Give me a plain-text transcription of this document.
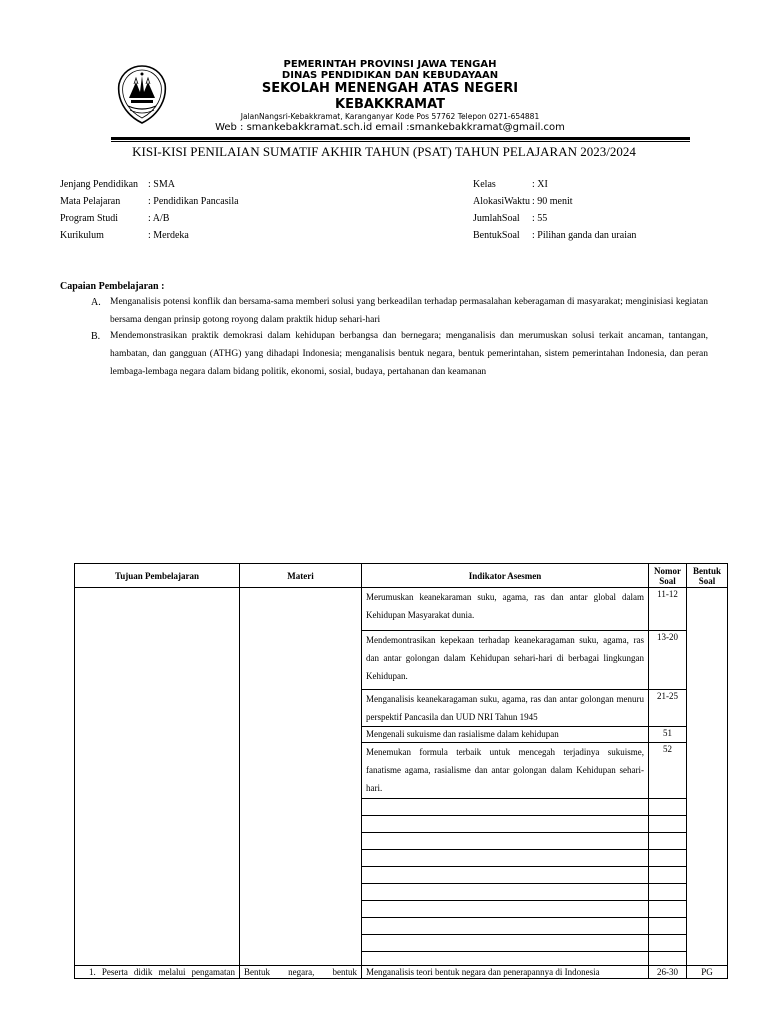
PEMERINTAH PROVINSI JAWA TENGAH
DINAS PENDIDIKAN DAN KEBUDAYAAN
SEKOLAH MENENGAH ATAS NEGERI
KEBAKKRAMAT
JalanNangsri-Kebakkramat, Karanganyar Kode Pos 57762 Telepon 0271-654881
Web : smankebakkramat.sch.id email :smankebakkramat@gmail.com
KISI-KISI PENILAIAN SUMATIF AKHIR TAHUN (PSAT) TAHUN PELAJARAN 2023/2024
Jenjang Pendidikan : SMA
Mata Pelajaran	: Pendidikan Pancasila
Program Studi	: A/B
Kurikulum	: Merdeka
Kelas	: XI
AlokasiWaktu : 90 menit
JumlahSoal : 55
BentukSoal : Pilihan ganda dan uraian
Capaian Pembelajaran :
A. Menganalisis potensi konflik dan bersama-sama memberi solusi yang berkeadilan terhadap permasalahan keberagaman di masyarakat; menginisiasi kegiatan bersama dengan prinsip gotong royong dalam praktik hidup sehari-hari
B. Mendemonstrasikan praktik demokrasi dalam kehidupan berbangsa dan bernegara; menganalisis dan merumuskan solusi terkait ancaman, tantangan, hambatan, dan gangguan (ATHG) yang dihadapi Indonesia; menganalisis bentuk negara, bentuk pemerintahan, sistem pemerintahan Indonesia, dan peran lembaga-lembaga negara dalam bidang politik, ekonomi, sosial, budaya, pertahanan dan keamanan
Tujuan Pembelajaran	Materi	Indikator Asesmen	Nomor Soal	Bentuk Soal
		Merumuskan keanekaraman suku, agama, ras dan antar global dalam Kehidupan Masyarakat dunia.	11-12	
		Mendemontrasikan kepekaan terhadap keanekaragaman suku, agama, ras dan antar golongan dalam Kehidupan sehari-hari di berbagai lingkungan Kehidupan.	13-20	
		Menganalisis keanekaragaman suku, agama, ras dan antar golongan menuru perspektif Pancasila dan UUD NRI Tahun 1945	21-25	
		Mengenali sukuisme dan rasialisme dalam kehidupan	51	
		Menemukan formula terbaik untuk mencegah terjadinya sukuisme, fanatisme agama, rasialisme dan antar golongan dalam Kehidupan sehari-hari.	52	

1. Peserta didik melalui pengamatan	Bentuk negara, bentuk	Menganalisis teori bentuk negara dan penerapannya di Indonesia	26-30	PG
